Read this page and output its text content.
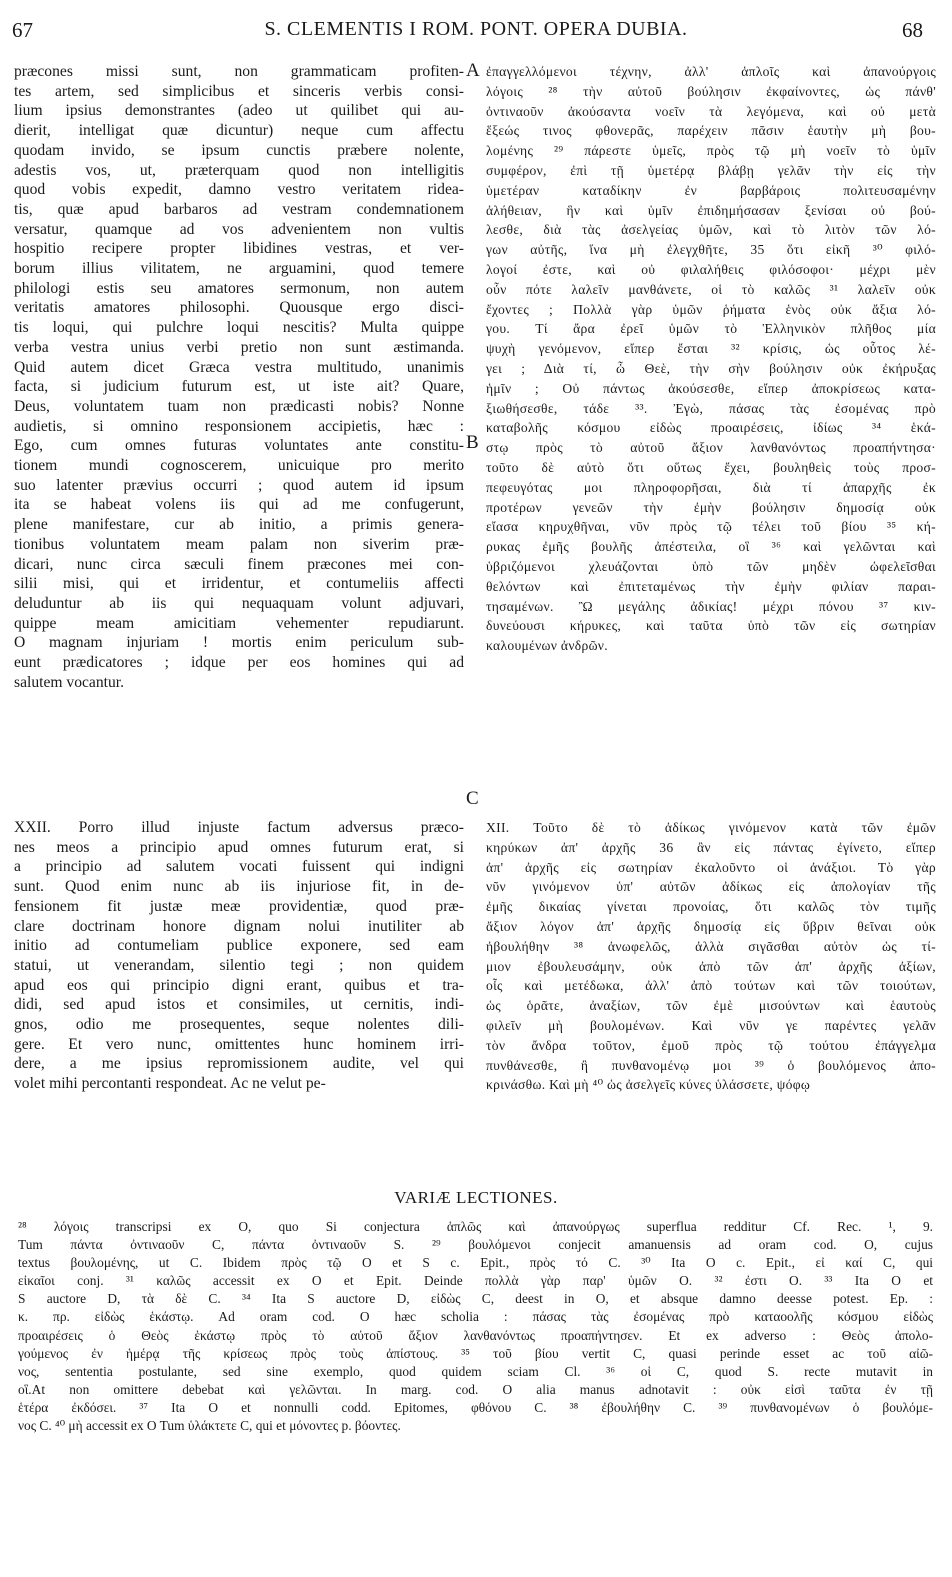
67	S. CLEMENTIS I ROM. PONT. OPERA DUBIA.	68
præcones missi sunt, non grammaticam profiten-
tes artem, sed simplicibus et sinceris verbis consi-
lium ipsius demonstrantes (adeo ut quilibet qui au-
dierit, intelligat quæ dicuntur) neque cum affectu
quodam invido, se ipsum cunctis præbere nolente,
adestis vos, ut, præterquam quod non intelligitis
quod vobis expedit, damno vestro veritatem ridea-
tis, quæ apud barbaros ad vestram condemnationem
versatur, quamque ad vos advenientem non vultis
hospitio recipere propter libidines vestras, et ver-
borum illius vilitatem, ne arguamini, quod temere
philologi estis seu amatores sermonum, non autem
veritatis amatores philosophi. Quousque ergo disci-
tis loqui, qui pulchre loqui nescitis? Multa quippe
verba vestra unius verbi pretio non sunt æstimanda.
Quid autem dicet Græca vestra multitudo, unanimis
facta, si judicium futurum est, ut iste ait? Quare,
Deus, voluntatem tuam non prædicasti nobis? Nonne
audietis, si omnino responsionem accipietis, hæc :
Ego, cum omnes futuras voluntates ante constitu-
tionem mundi cognoscerem, unicuique pro merito
suo latenter prævius occurri ; quod autem id ipsum
ita se habeat volens iis qui ad me confugerunt,
plene manifestare, cur ab initio, a primis genera-
tionibus voluntatem meam palam non siverim præ-
dicari, nunc circa sæculi finem præcones mei con-
silii misi, qui et irridentur, et contumeliis affecti
deluduntur ab iis qui nequaquam volunt adjuvari,
quippe meam amicitiam vehementer repudiarunt.
O magnam injuriam ! mortis enim periculum sub-
eunt prædicatores ; idque per eos homines qui ad
salutem vocantur.
XXII. Porro illud injuste factum adversus præco-
nes meos a principio apud omnes futurum erat, si
a principio ad salutem vocati fuissent qui indigni
sunt. Quod enim nunc ab iis injuriose fit, in de-
fensionem fit justæ meæ providentiæ, quod præ-
clare doctrinam honore dignam nolui inutiliter ab
initio ad contumeliam publice exponere, sed eam
statui, ut venerandam, silentio tegi ; non quidem
apud eos qui principio digni erant, quibus et tra-
didi, sed apud istos et consimiles, ut cernitis, indi-
gnos, odio me prosequentes, seque nolentes dili-
gere. Et vero nunc, omittentes hunc hominem irri-
dere, a me ipsius repromissionem audite, vel qui
volet mihi percontanti respondeat. Ac ne velut pe-
ἐπαγγελλόμενοι τέχνην, ἀλλ' ἁπλοῖς καὶ ἀπανούργοις
λόγοις ²⁸ τὴν αὐτοῦ βούλησιν ἐκφαίνοντες, ὡς πάνθ'
ὀντιναοῦν ἀκούσαντα νοεῖν τὰ λεγόμενα, καὶ οὐ μετὰ
ἕξεώς τινος φθονερᾶς, παρέχειν πᾶσιν ἑαυτὴν μὴ βου-
λομένης ²⁹ πάρεστε ὑμεῖς, πρὸς τῷ μὴ νοεῖν τὸ ὑμῖν
συμφέρον, ἐπὶ τῇ ὑμετέρᾳ βλάβῃ γελᾶν τὴν εἰς τὴν
ὑμετέραν καταδίκην ἐν βαρβάροις πολιτευσαμένην
ἀλήθειαν, ἣν καὶ ὑμῖν ἐπιδημήσασαν ξενίσαι οὐ βού-
λεσθε, διὰ τὰς ἀσελγείας ὑμῶν, καὶ τὸ λιτὸν τῶν λό-
γων αὐτῆς, ἵνα μὴ ἐλεγχθῆτε, 35 ὅτι εἰκῆ ³⁰ φιλό-
λογοί ἐστε, καὶ οὐ φιλαλήθεις φιλόσοφοι· μέχρι μὲν
οὖν πότε λαλεῖν μανθάνετε, οἱ τὸ καλῶς ³¹ λαλεῖν οὐκ
ἔχοντες ; Πολλὰ γὰρ ὑμῶν ῥήματα ἑνὸς οὐκ ἄξια λό-
γου. Τί ἄρα ἐρεῖ ὑμῶν τὸ Ἑλληνικὸν πλῆθος μία
ψυχὴ γενόμενον, εἴπερ ἔσται ³² κρίσις, ὡς οὗτος λέ-
γει ; Διὰ τί, ὦ Θεὲ, τὴν σὴν βούλησιν οὐκ ἐκήρυξας
ἡμῖν ; Οὐ πάντως ἀκούσεσθε, εἴπερ ἀποκρίσεως κατα-
ξιωθήσεσθε, τάδε ³³. Ἐγὼ, πάσας τὰς ἐσομένας πρὸ
καταβολῆς κόσμου εἰδὼς προαιρέσεις, ἰδίως ³⁴ ἑκά-
στῳ πρὸς τὸ αὐτοῦ ἄξιον λανθανόντως προαπήντησα·
τοῦτο δὲ αὐτὸ ὅτι οὕτως ἔχει, βουληθεὶς τοὺς προσ-
πεφευγότας μοι πληροφορῆσαι, διὰ τί ἀπαρχῆς ἐκ
προτέρων γενεῶν τὴν ἐμὴν βούλησιν δημοσίᾳ οὐκ
εἴασα κηρυχθῆναι, νῦν πρὸς τῷ τέλει τοῦ βίου ³⁵ κή-
ρυκας ἐμῆς βουλῆς ἀπέστειλα, οἳ ³⁶ καὶ γελῶνται καὶ
ὑβριζόμενοι χλευάζονται ὑπὸ τῶν μηδὲν ὠφελεῖσθαι
θελόντων καὶ ἐπιτεταμένως τὴν ἐμὴν φιλίαν παραι-
τησαμένων. Ὢ μεγάλης ἀδικίας! μέχρι πόνου ³⁷ κιν-
δυνεύουσι κήρυκες, καὶ ταῦτα ὑπὸ τῶν εἰς σωτηρίαν
καλουμένων ἀνδρῶν.
XII. Τοῦτο δὲ τὸ ἀδίκως γινόμενον κατὰ τῶν ἐμῶν
κηρύκων ἀπ' ἀρχῆς 36 ἂν εἰς πάντας ἐγίνετο, εἴπερ
ἀπ' ἀρχῆς εἰς σωτηρίαν ἐκαλοῦντο οἱ ἀνάξιοι. Τὸ γὰρ
νῦν γινόμενον ὑπ' αὐτῶν ἀδίκως εἰς ἀπολογίαν τῆς
ἐμῆς δικαίας γίνεται προνοίας, ὅτι καλῶς τὸν τιμῆς
ἄξιον λόγον ἀπ' ἀρχῆς δημοσίᾳ εἰς ὕβριν θεῖναι οὐκ
ἠβουλήθην ³⁸ ἀνωφελῶς, ἀλλὰ σιγᾶσθαι αὐτὸν ὡς τί-
μιον ἐβουλευσάμην, οὐκ ἀπὸ τῶν ἀπ' ἀρχῆς ἀξίων,
οἷς καὶ μετέδωκα, ἀλλ' ἀπὸ τούτων καὶ τῶν τοιούτων,
ὡς ὁρᾶτε, ἀναξίων, τῶν ἐμὲ μισούντων καὶ ἑαυτοὺς
φιλεῖν μὴ βουλομένων. Καὶ νῦν γε παρέντες γελᾶν
τὸν ἄνδρα τοῦτον, ἐμοῦ πρὸς τῷ τούτου ἐπάγγελμα
πυνθάνεσθε, ἢ πυνθανομένῳ μοι ³⁹ ὁ βουλόμενος ἀπο-
κρινάσθω. Καὶ μὴ ⁴⁰ ὡς ἀσελγεῖς κύνες ὑλάσσετε, ψόφῳ
A
B
C
VARIÆ LECTIONES.
²⁸ λόγοις transcripsi ex O, quo Si conjectura ἁπλῶς καὶ ἀπανούργως superflua redditur Cf. Rec. ¹, 9.
Tum πάντα ὀντιναοῦν C, πάντα ὀντιναοῦν S. ²⁹ βουλόμενοι conjecit amanuensis ad oram cod. O, cujus
textus βουλομένης, ut C. Ibidem πρὸς τῷ O et S c. Epit., πρὸς τό C. ³⁰ Ita O c. Epit., εἰ καί C, qui
εἰκαῖοι conj. ³¹ καλῶς accessit ex O et Epit. Deinde πολλὰ γὰρ παρ' ὑμῶν O. ³² ἐστι O. ³³ Ita O et
S auctore D, τὰ δὲ C. ³⁴ Ita S auctore D, εἰδὼς C, deest in O, et absque damno deesse potest. Ep. :
κ. πρ. εἰδὼς ἑκάστῳ. Ad oram cod. O hæc scholia : πάσας τὰς ἐσομένας πρὸ καταοολῆς κόσμου εἰδὼς
προαιρέσεις ὁ Θεὸς ἑκάστῳ πρὸς τὸ αὐτοῦ ἄξιον λανθανόντως προαπήντησεν. Et ex adverso : Θεὸς ἀπολο-
γούμενος ἐν ἡμέρᾳ τῆς κρίσεως πρὸς τοὺς ἀπίστους. ³⁵ τοῦ βίου vertit C, quasi perinde esset ac τοῦ αἰῶ-
νος, sententia postulante, sed sine exemplo, quod quidem sciam Cl. ³⁶ οἱ C, quod S. recte mutavit in
οἳ.At non omittere debebat καὶ γελῶνται. In marg. cod. O alia manus adnotavit : οὐκ εἰσὶ ταῦτα ἐν τῇ
ἑτέρα ἐκδόσει. ³⁷ Ita O et nonnulli codd. Epitomes, φθόνου C. ³⁸ ἐβουλήθην C. ³⁹ πυνθανομένων ὁ βουλόμε-
νος C. ⁴⁰ μὴ accessit ex O Tum ὑλάκτετε C, qui et μόνοντες p. βόοντες.
